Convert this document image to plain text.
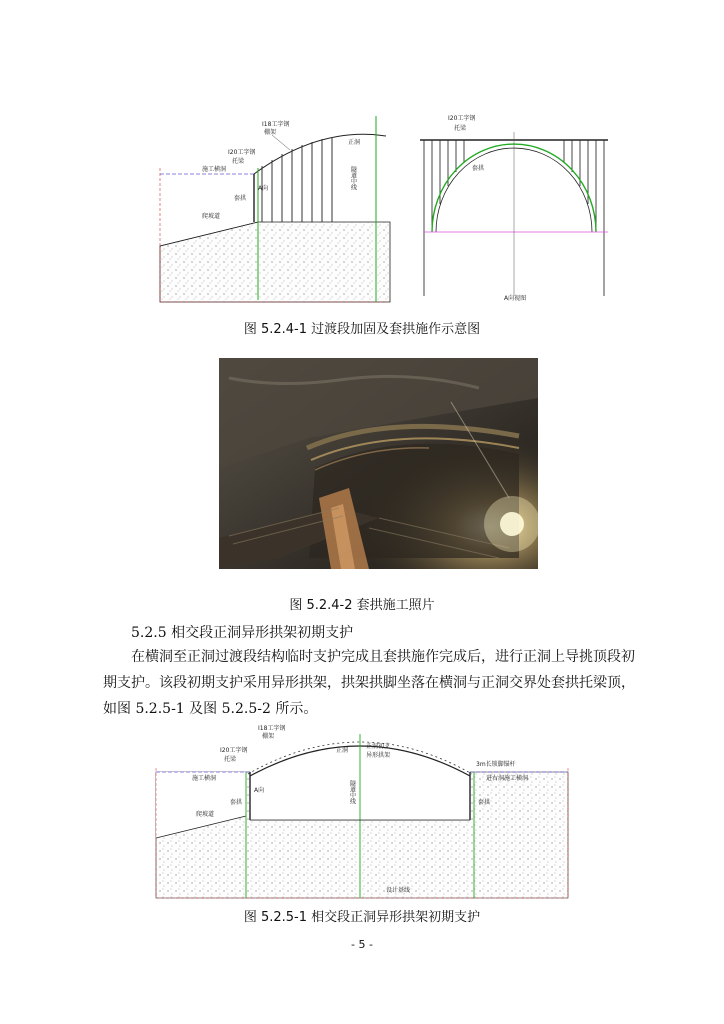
I18工字钢
棚架
I20工字钢
托梁
正洞
施工横洞
A向
套拱
爬坡道
隧道中线
I20工字钢
托梁
套拱
A向视图
图 5.2.4-1 过渡段加固及套拱施作示意图
图 5.2.4-2 套拱施工照片
5.2.5 相交段正洞异形拱架初期支护
在横洞至正洞过渡段结构临时支护完成且套拱施作完成后，进行正洞上导挑顶段初
期支护。该段初期支护采用异形拱架，拱架拱脚坐落在横洞与正洞交界处套拱托梁顶，
如图 5.2.5-1 及图 5.2.5-2 所示。
I18工字钢
棚架
I20工字钢
托梁
施工横洞
A向
套拱
爬坡道
正洞
正洞初支
异形拱架
隧道中线
3m长锁脚锚杆
进右洞施工横洞
套拱
设计基线
图 5.2.5-1 相交段正洞异形拱架初期支护
- 5 -
